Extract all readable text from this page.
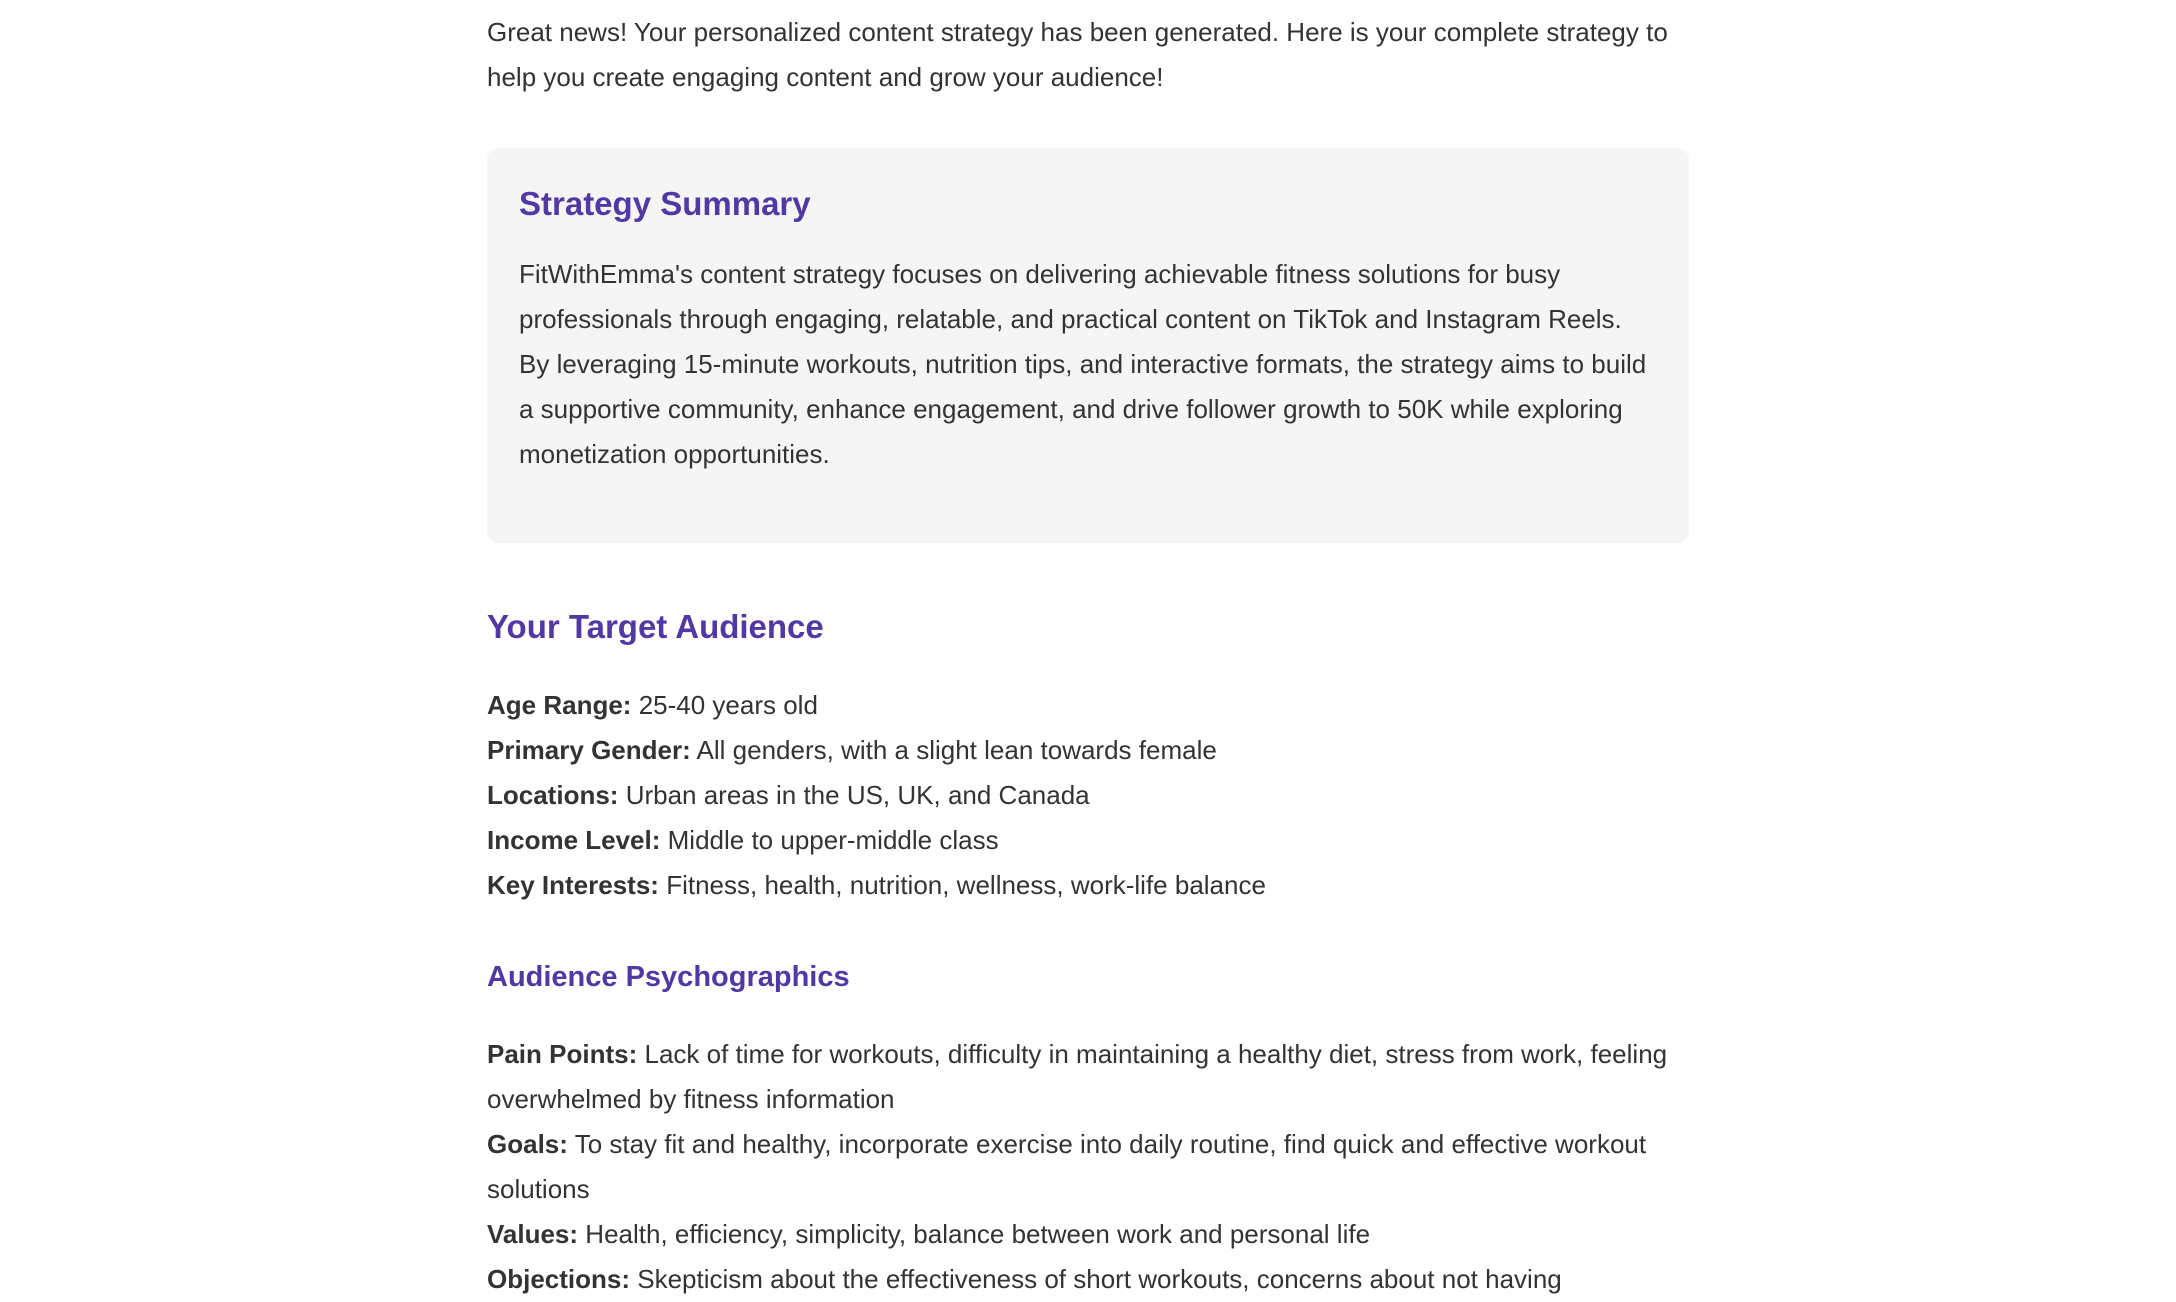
Great news! Your personalized content strategy has been generated. Here is your complete strategy to help you create engaging content and grow your audience!

Strategy Summary

FitWithEmma's content strategy focuses on delivering achievable fitness solutions for busy professionals through engaging, relatable, and practical content on TikTok and Instagram Reels. By leveraging 15-minute workouts, nutrition tips, and interactive formats, the strategy aims to build a supportive community, enhance engagement, and drive follower growth to 50K while exploring monetization opportunities.

Your Target Audience
Age Range: 25-40 years old
Primary Gender: All genders, with a slight lean towards female
Locations: Urban areas in the US, UK, and Canada
Income Level: Middle to upper-middle class
Key Interests: Fitness, health, nutrition, wellness, work-life balance
Audience Psychographics
Pain Points: Lack of time for workouts, difficulty in maintaining a healthy diet, stress from work, feeling overwhelmed by fitness information
Goals: To stay fit and healthy, incorporate exercise into daily routine, find quick and effective workout solutions
Values: Health, efficiency, simplicity, balance between work and personal life
Objections: Skepticism about the effectiveness of short workouts, concerns about not having
